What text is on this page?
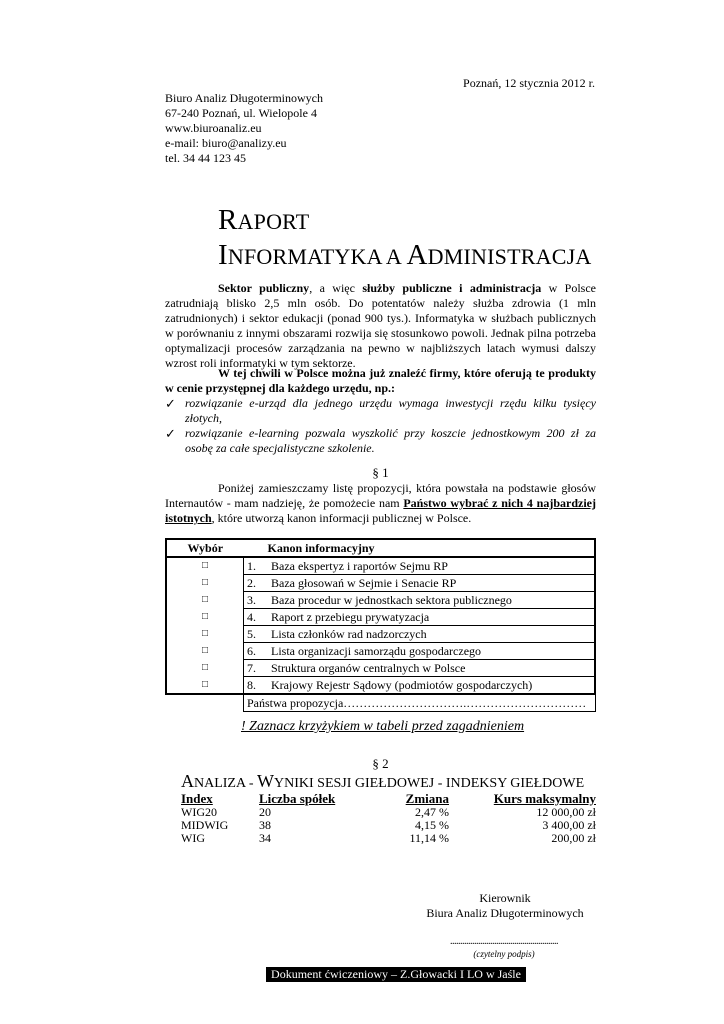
Poznań, 12 stycznia 2012 r.
Biuro Analiz Długoterminowych
67-240 Poznań, ul. Wielopole 4
www.biuroanaliz.eu
e-mail: biuro@analizy.eu
tel. 34 44 123 45
RAPORT
INFORMATYKA A ADMINISTRACJA
Sektor publiczny, a więc służby publiczne i administracja w Polsce zatrudniają blisko 2,5 mln osób. Do potentatów należy służba zdrowia (1 mln zatrudnionych) i sektor edukacji (ponad 900 tys.). Informatyka w służbach publicznych w porównaniu z innymi obszarami rozwija się stosunkowo powoli. Jednak pilna potrzeba optymalizacji procesów zarządzania na pewno w najbliższych latach wymusi dalszy wzrost roli informatyki w tym sektorze.
W tej chwili w Polsce można już znaleźć firmy, które oferują te produkty w cenie przystępnej dla każdego urzędu, np.:
✓ rozwiązanie e-urząd dla jednego urzędu wymaga inwestycji rzędu kilku tysięcy złotych,
✓ rozwiązanie e-learning pozwala wyszkolić przy koszcie jednostkowym 200 zł za osobę za całe specjalistyczne szkolenie.
§ 1
Poniżej zamieszczamy listę propozycji, która powstała na podstawie głosów Internautów - mam nadzieję, że pomożecie nam Państwo wybrać z nich 4 najbardziej istotnych, które utworzą kanon informacji publicznej w Polsce.
Wybór	Kanon informacyjny	
□	1.	Baza ekspertyz i raportów Sejmu RP
□	2.	Baza głosowań w Sejmie i Senacie RP
□	3.	Baza procedur w jednostkach sektora publicznego
□	4.	Raport z przebiegu prywatyzacja
□	5.	Lista członków rad nadzorczych
□	6.	Lista organizacji samorządu gospodarczego
□	7.	Struktura organów centralnych w Polsce
□	8.	Krajowy Rejestr Sądowy (podmiotów gospodarczych)
	Państwa propozycja………………………….…………………………	
! Zaznacz krzyżykiem w tabeli przed zagadnieniem
§ 2
ANALIZA - WYNIKI SESJI GIEŁDOWEJ - INDEKSY GIEŁDOWE
Index	Liczba spółek	Zmiana	Kurs maksymalny
WIG20	20	2,47 %	12 000,00 zł
MIDWIG	38	4,15 %	3 400,00 zł
WIG	34	11,14 %	200,00 zł
Kierownik
Biura Analiz Długoterminowych
......................................................
(czytelny podpis)
Dokument ćwiczeniowy – Z.Głowacki I LO w Jaśle
